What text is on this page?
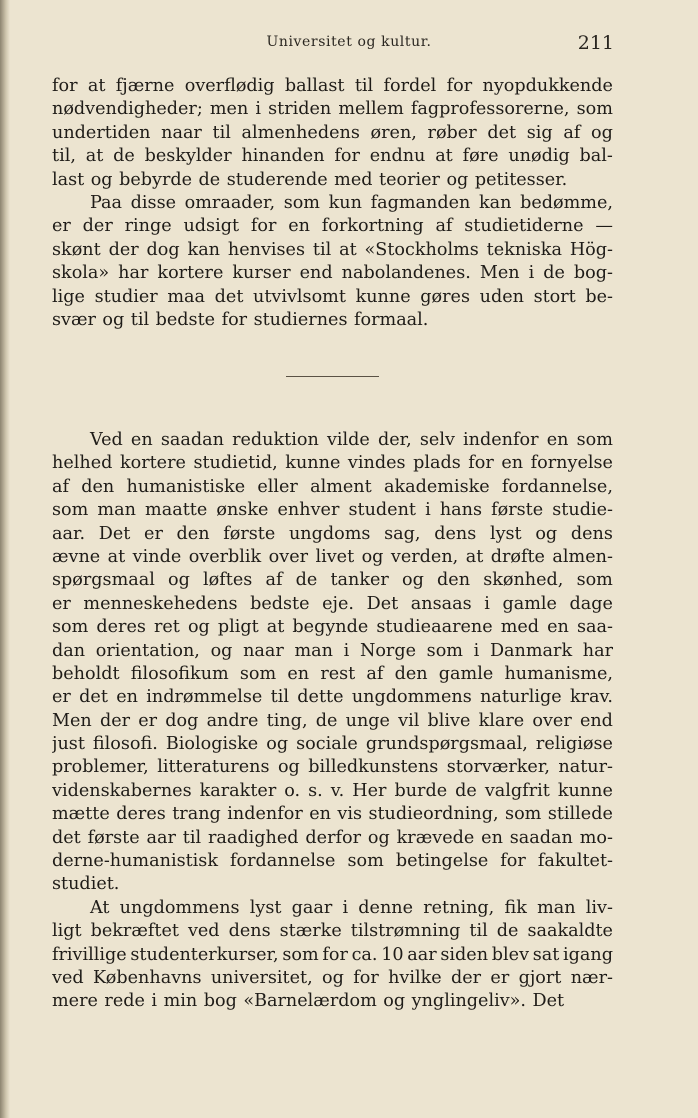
Universitet og kultur.	211
for at fjærne overflødig ballast til fordel for nyopdukkende
nødvendigheder; men i striden mellem fagprofessorerne, som
undertiden naar til almenhedens øren, røber det sig af og
til, at de beskylder hinanden for endnu at føre unødig bal-
last og bebyrde de studerende med teorier og petitesser.
Paa disse omraader, som kun fagmanden kan bedømme,
er der ringe udsigt for en forkortning af studietiderne —
skønt der dog kan henvises til at «Stockholms tekniska Hög-
skola» har kortere kurser end nabolandenes. Men i de bog-
lige studier maa det utvivlsomt kunne gøres uden stort be-
svær og til bedste for studiernes formaal.
Ved en saadan reduktion vilde der, selv indenfor en som
helhed kortere studietid, kunne vindes plads for en fornyelse
af den humanistiske eller alment akademiske fordannelse,
som man maatte ønske enhver student i hans første studie-
aar. Det er den første ungdoms sag, dens lyst og dens
ævne at vinde overblik over livet og verden, at drøfte almen-
spørgsmaal og løftes af de tanker og den skønhed, som
er menneskehedens bedste eje. Det ansaas i gamle dage
som deres ret og pligt at begynde studieaarene med en saa-
dan orientation, og naar man i Norge som i Danmark har
beholdt filosofikum som en rest af den gamle humanisme,
er det en indrømmelse til dette ungdommens naturlige krav.
Men der er dog andre ting, de unge vil blive klare over end
just filosofi. Biologiske og sociale grundspørgsmaal, religiøse
problemer, litteraturens og billedkunstens storværker, natur-
videnskabernes karakter o. s. v. Her burde de valgfrit kunne
mætte deres trang indenfor en vis studieordning, som stillede
det første aar til raadighed derfor og krævede en saadan mo-
derne-humanistisk fordannelse som betingelse for fakultet-
studiet.
At ungdommens lyst gaar i denne retning, fik man liv-
ligt bekræftet ved dens stærke tilstrømning til de saakaldte
frivillige studenterkurser, som for ca. 10 aar siden blev sat igang
ved Københavns universitet, og for hvilke der er gjort nær-
mere rede i min bog «Barnelærdom og ynglingeliv». Det
